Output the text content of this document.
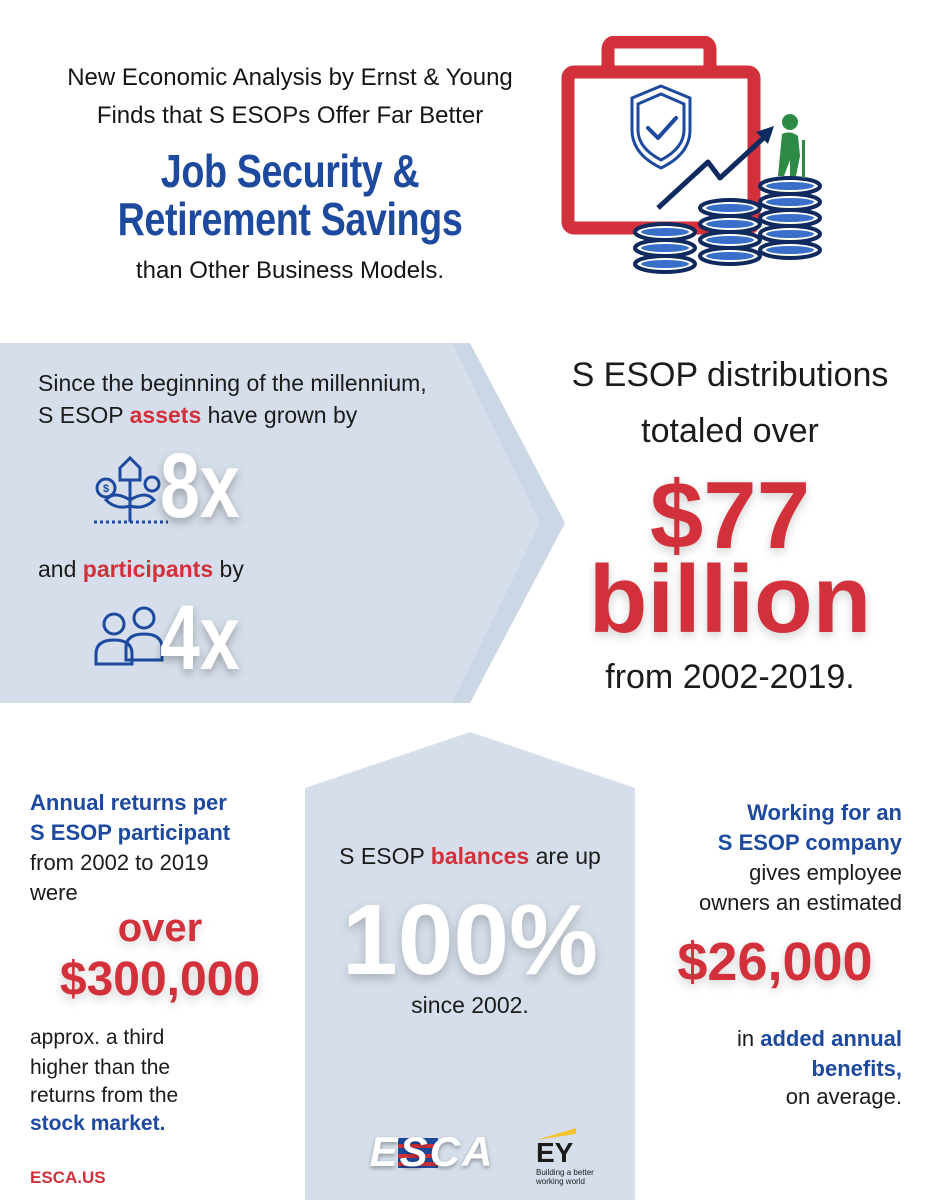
New Economic Analysis by Ernst & Young
Finds that S ESOPs Offer Far Better
Job Security &
Retirement Savings
than Other Business Models.
Since the beginning of the millennium,
S ESOP assets have grown by
$ 8x
and participants by
4x
S ESOP distributions
totaled over
$77
billion
from 2002-2019.
S ESOP balances are up
100%
since 2002.
Annual returns per
S ESOP participant
from 2002 to 2019
were
over
$300,000
approx. a third
higher than the
returns from the
stock market.
Working for an
S ESOP company
gives employee
owners an estimated
$26,000
in added annual
benefits,
on average.
ESCA.US
ESCA	EY
Building a better
working world
